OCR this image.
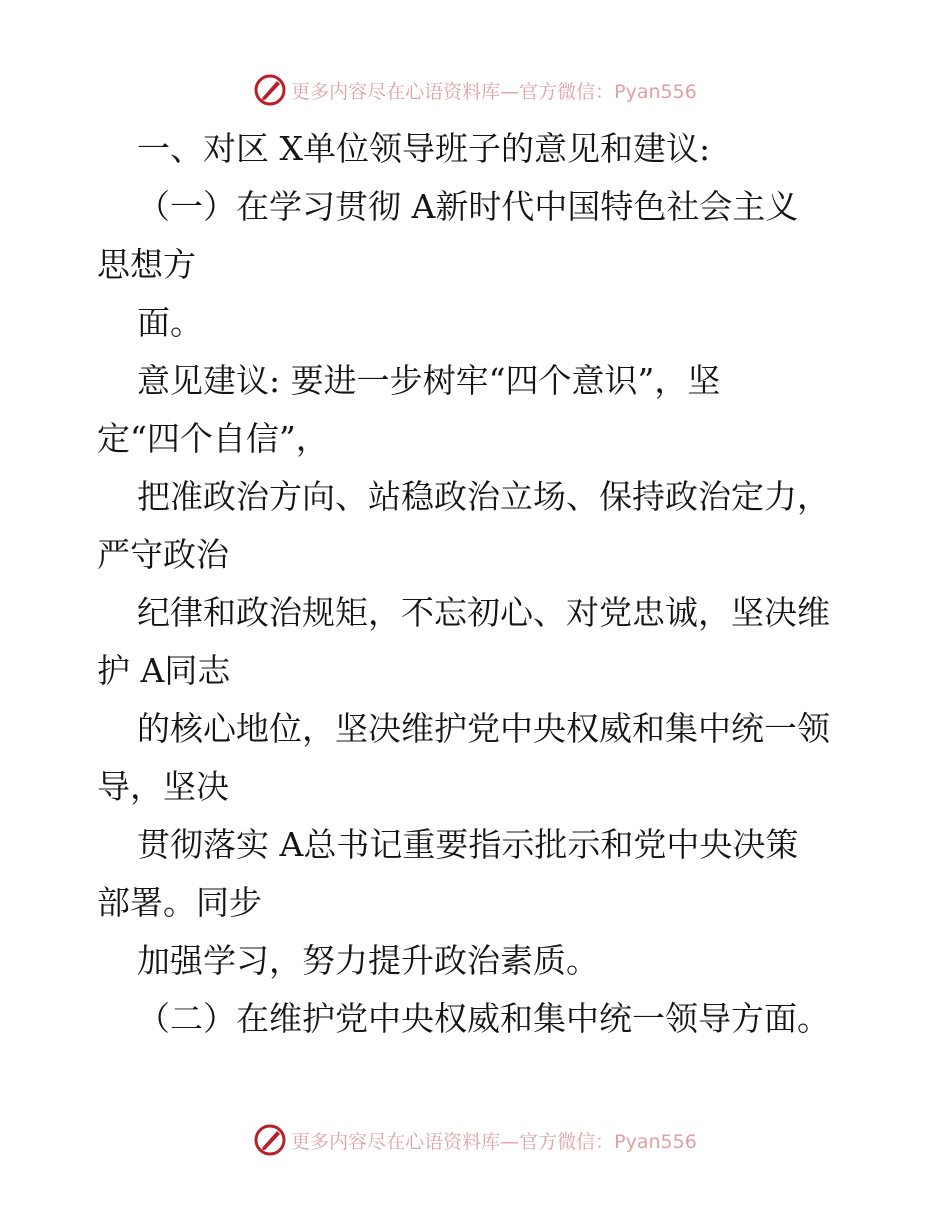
更多内容尽在心语资料库—官方微信：Pyan556
一、对区 X单位领导班子的意见和建议:
（一）在学习贯彻 A新时代中国特色社会主义
思想方
面。
意见建议: 要进一步树牢“四个意识”，坚
定“四个自信”，
把准政治方向、站稳政治立场、保持政治定力，
严守政治
纪律和政治规矩，不忘初心、对党忠诚，坚决维
护 A同志
的核心地位，坚决维护党中央权威和集中统一领
导，坚决
贯彻落实 A总书记重要指示批示和党中央决策
部署。同步
加强学习，努力提升政治素质。
（二）在维护党中央权威和集中统一领导方面。
更多内容尽在心语资料库—官方微信：Pyan556
